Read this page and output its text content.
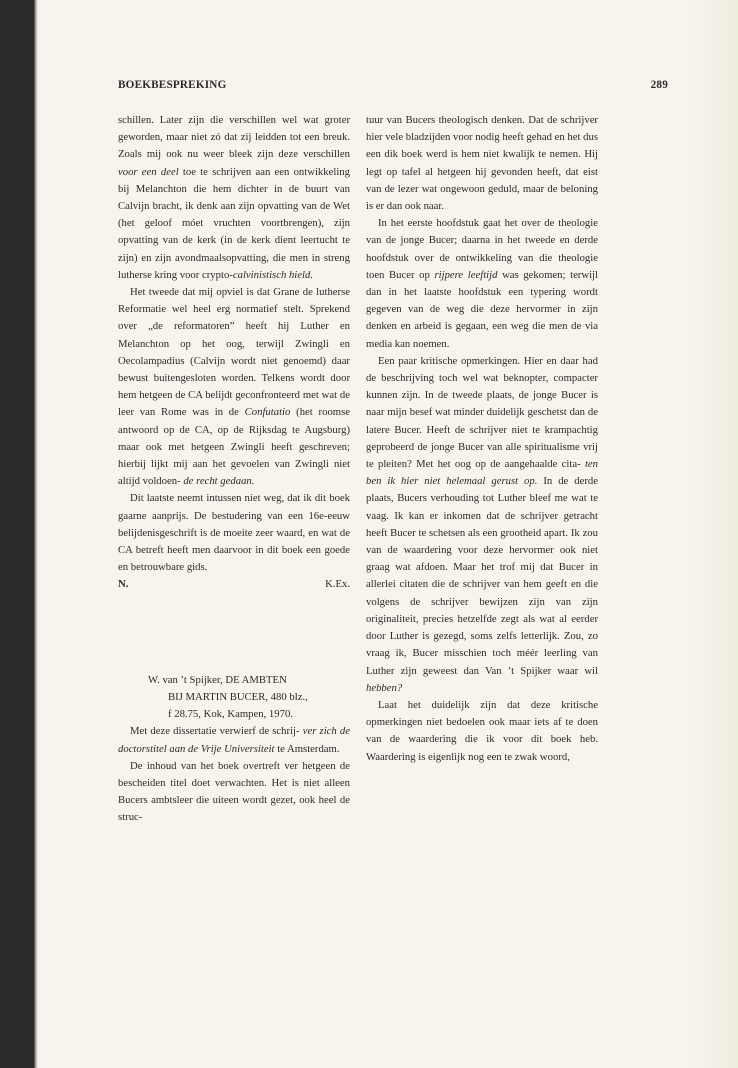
BOEKBESPREKING	289

schillen. Later zijn die verschillen wel wat groter geworden, maar niet zó dat zij leidden tot een breuk. Zoals mij ook nu weer bleek zijn deze verschillen voor een deel toe te schrijven aan een ontwikkeling bij Melanchton die hem dichter in de buurt van Calvijn bracht, ik denk aan zijn opvatting van de Wet (het geloof móet vruchten voortbrengen), zijn opvatting van de kerk (in de kerk dient leertucht te zijn) en zijn avondmaalsopvatting, die men in streng lutherse kring voor crypto-calvinistisch hield.

Het tweede dat mij opviel is dat Grane de lutherse Reformatie wel heel erg normatief stelt. Sprekend over „de reformatoren” heeft hij Luther en Melanchton op het oog, terwijl Zwingli en Oecolampadius (Calvijn wordt niet genoemd) daar bewust buitengesloten worden. Telkens wordt door hem hetgeen de CA belijdt geconfronteerd met wat de leer van Rome was in de Confutatio (het roomse antwoord op de CA, op de Rijksdag te Augsburg) maar ook met hetgeen Zwingli heeft geschreven; hierbij lijkt mij aan het gevoelen van Zwingli niet altijd voldoen- de recht gedaan.

Dit laatste neemt intussen niet weg, dat ik dit boek gaarne aanprijs. De bestudering van een 16e-eeuw belijdenisgeschrift is de moeite zeer waard, en wat de CA betreft heeft men daarvoor in dit boek een goede en betrouwbare gids.

N.	K.Ex.
W. van ’t Spijker, DE AMBTEN
BIJ MARTIN BUCER, 480 blz.,
f 28.75, Kok, Kampen, 1970.

Met deze dissertatie verwierf de schrij- ver zich de doctorstitel aan de Vrije Universiteit te Amsterdam.

De inhoud van het boek overtreft ver hetgeen de bescheiden titel doet verwachten. Het is niet alleen Bucers ambtsleer die uiteen wordt gezet, ook heel de struc-

tuur van Bucers theologisch denken. Dat de schrijver hier vele bladzijden voor nodig heeft gehad en het dus een dik boek werd is hem niet kwalijk te nemen. Hij legt op tafel al hetgeen hij gevonden heeft, dat eist van de lezer wat ongewoon geduld, maar de beloning is er dan ook naar.

In het eerste hoofdstuk gaat het over de theologie van de jonge Bucer; daarna in het tweede en derde hoofdstuk over de ontwikkeling van die theologie toen Bucer op rijpere leeftijd was gekomen; terwijl dan in het laatste hoofdstuk een typering wordt gegeven van de weg die deze hervormer in zijn denken en arbeid is gegaan, een weg die men de via media kan noemen.

Een paar kritische opmerkingen. Hier en daar had de beschrijving toch wel wat beknopter, compacter kunnen zijn. In de tweede plaats, de jonge Bucer is naar mijn besef wat minder duidelijk geschetst dan de latere Bucer. Heeft de schrijver niet te krampachtig geprobeerd de jonge Bucer van alle spiritualisme vrij te pleiten? Met het oog op de aangehaalde cita- ten ben ik hier niet helemaal gerust op. In de derde plaats, Bucers verhouding tot Luther bleef me wat te vaag. Ik kan er inkomen dat de schrijver getracht heeft Bucer te schetsen als een grootheid apart. Ik zou van de waardering voor deze hervormer ook niet graag wat afdoen. Maar het trof mij dat Bucer in allerlei citaten die de schrijver van hem geeft en die volgens de schrijver bewijzen zijn van zijn originaliteit, precies hetzelfde zegt als wat al eerder door Luther is gezegd, soms zelfs letterlijk. Zou, zo vraag ik, Bucer misschien toch méér leerling van Luther zijn geweest dan Van ’t Spijker waar wil hebben?

Laat het duidelijk zijn dat deze kritische opmerkingen niet bedoelen ook maar iets af te doen van de waardering die ik voor dit boek heb. Waardering is eigenlijk nog een te zwak woord,
